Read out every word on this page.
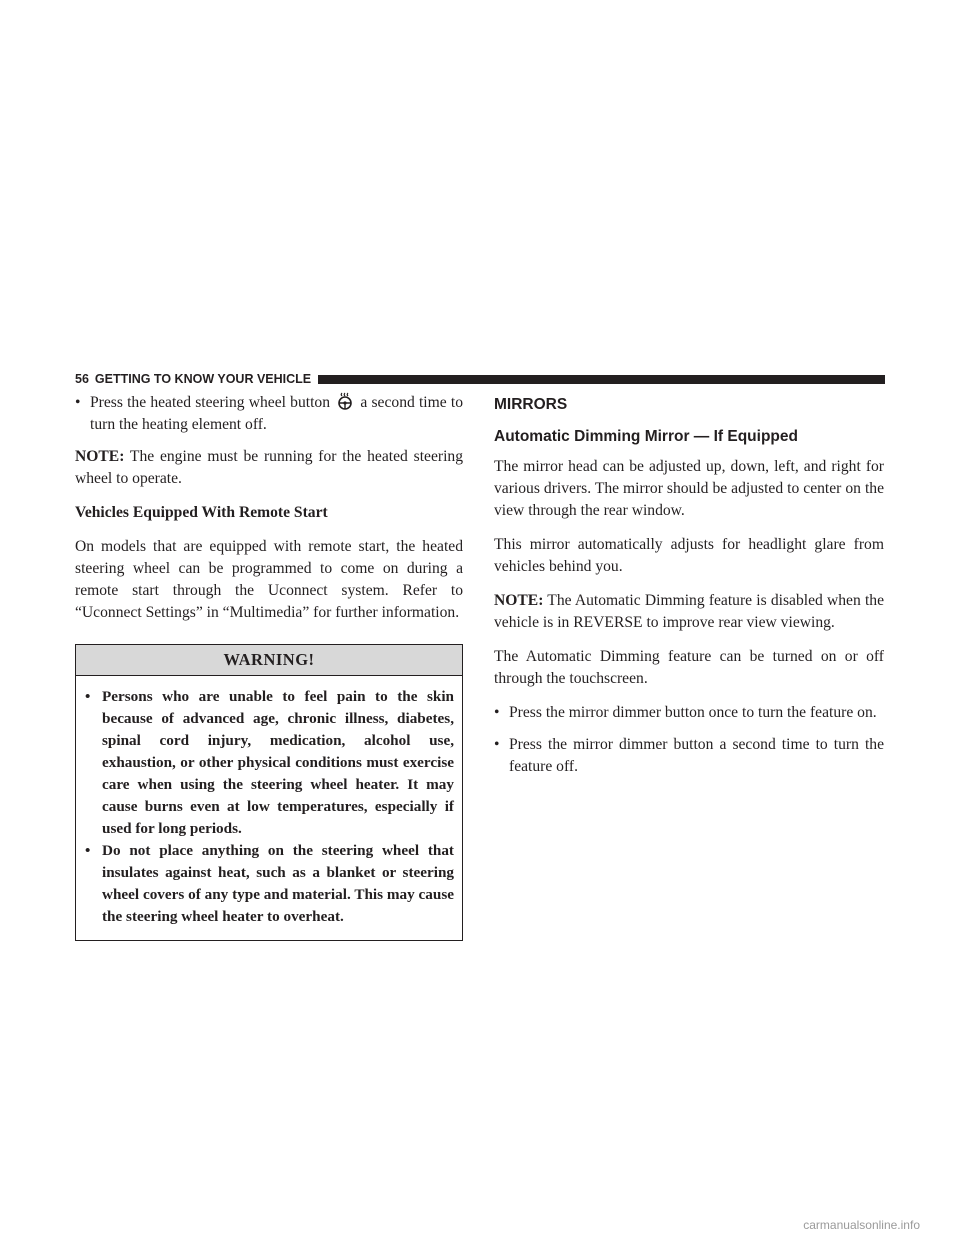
56 GETTING TO KNOW YOUR VEHICLE
• Press the heated steering wheel button a second time to turn the heating element off.

NOTE: The engine must be running for the heated steering wheel to operate.

Vehicles Equipped With Remote Start

On models that are equipped with remote start, the heated steering wheel can be programmed to come on during a remote start through the Uconnect system. Refer to “Uconnect Settings” in “Multimedia” for further information.

WARNING!
• Persons who are unable to feel pain to the skin because of advanced age, chronic illness, diabetes, spinal cord injury, medication, alcohol use, exhaustion, or other physical conditions must exercise care when using the steering wheel heater. It may cause burns even at low temperatures, especially if used for long periods.
• Do not place anything on the steering wheel that insulates against heat, such as a blanket or steering wheel covers of any type and material. This may cause the steering wheel heater to overheat.
MIRRORS
Automatic Dimming Mirror — If Equipped

The mirror head can be adjusted up, down, left, and right for various drivers. The mirror should be adjusted to center on the view through the rear window.

This mirror automatically adjusts for headlight glare from vehicles behind you.

NOTE: The Automatic Dimming feature is disabled when the vehicle is in REVERSE to improve rear view viewing.

The Automatic Dimming feature can be turned on or off through the touchscreen.

• Press the mirror dimmer button once to turn the feature on.
• Press the mirror dimmer button a second time to turn the feature off.
carmanualsonline.info
